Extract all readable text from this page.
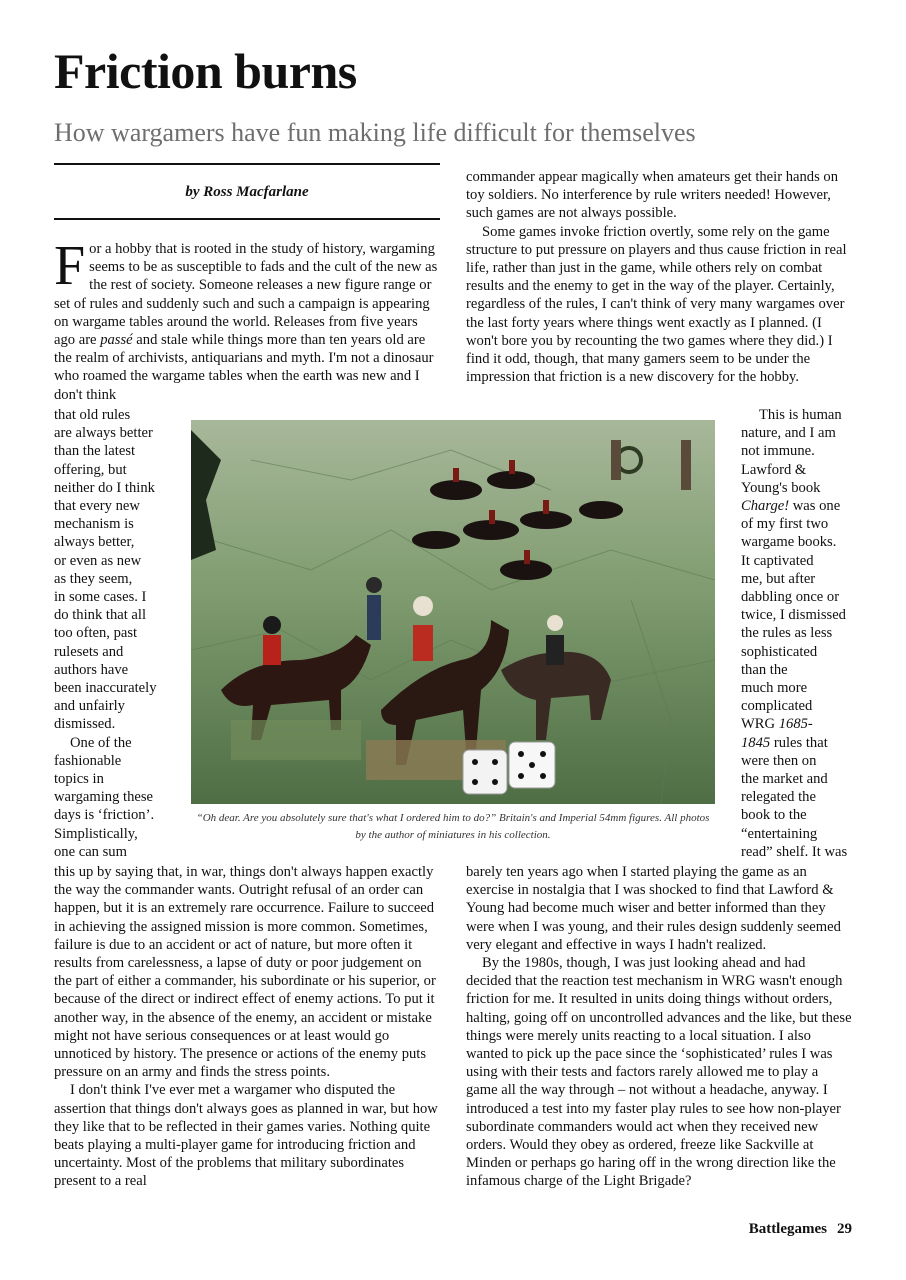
Friction burns
How wargamers have fun making life difficult for themselves
by Ross Macfarlane

For a hobby that is rooted in the study of history, wargaming seems to be as susceptible to fads and the cult of the new as the rest of society. Someone releases a new figure range or set of rules and suddenly such and such a campaign is appearing on wargame tables around the world. Releases from five years ago are passé and stale while things more than ten years old are the realm of archivists, antiquarians and myth. I'm not a dinosaur who roamed the wargame tables when the earth was new and I don't think

that old rules
are always better
than the latest
offering, but
neither do I think
that every new
mechanism is
always better,
or even as new
as they seem,
in some cases. I
do think that all
too often, past
rulesets and
authors have
been inaccurately
and unfairly
dismissed.
One of the
fashionable
topics in
wargaming these
days is ‘friction’.
Simplistically,
one can sum

this up by saying that, in war, things don't always happen exactly the way the commander wants. Outright refusal of an order can happen, but it is an extremely rare occurrence. Failure to succeed in achieving the assigned mission is more common. Sometimes, failure is due to an accident or act of nature, but more often it results from carelessness, a lapse of duty or poor judgement on the part of either a commander, his subordinate or his superior, or because of the direct or indirect effect of enemy actions. To put it another way, in the absence of the enemy, an accident or mistake might not have serious consequences or at least would go unnoticed by history. The presence or actions of the enemy puts pressure on an army and finds the stress points.

I don't think I've ever met a wargamer who disputed the assertion that things don't always goes as planned in war, but how they like that to be reflected in their games varies. Nothing quite beats playing a multi-player game for introducing friction and uncertainty. Most of the problems that military subordinates present to a real

commander appear magically when amateurs get their hands on toy soldiers. No interference by rule writers needed! However, such games are not always possible.

Some games invoke friction overtly, some rely on the game structure to put pressure on players and thus cause friction in real life, rather than just in the game, while others rely on combat results and the enemy to get in the way of the player. Certainly, regardless of the rules, I can't think of very many wargames over the last forty years where things went exactly as I planned. (I won't bore you by recounting the two games where they did.) I find it odd, though, that many gamers seem to be under the impression that friction is a new discovery for the hobby.

This is human
nature, and I am
not immune.
Lawford &
Young's book
Charge! was one
of my first two
wargame books.
It captivated
me, but after
dabbling once or
twice, I dismissed
the rules as less
sophisticated
than the
much more
complicated
WRG 1685-
1845 rules that
were then on
the market and
relegated the
book to the
“entertaining
read” shelf. It was

barely ten years ago when I started playing the game as an exercise in nostalgia that I was shocked to find that Lawford & Young had become much wiser and better informed than they were when I was young, and their rules design suddenly seemed very elegant and effective in ways I hadn't realized.

By the 1980s, though, I was just looking ahead and had decided that the reaction test mechanism in WRG wasn't enough friction for me. It resulted in units doing things without orders, halting, going off on uncontrolled advances and the like, but these things were merely units reacting to a local situation. I also wanted to pick up the pace since the ‘sophisticated’ rules I was using with their tests and factors rarely allowed me to play a game all the way through – not without a headache, anyway. I introduced a test into my faster play rules to see how non-player subordinate commanders would act when they received new orders. Would they obey as ordered, freeze like Sackville at Minden or perhaps go haring off in the wrong direction like the infamous charge of the Light Brigade?

“Oh dear. Are you absolutely sure that's what I ordered him to do?” Britain's and Imperial 54mm figures. All photos by the author of miniatures in his collection.
Battlegames 29
